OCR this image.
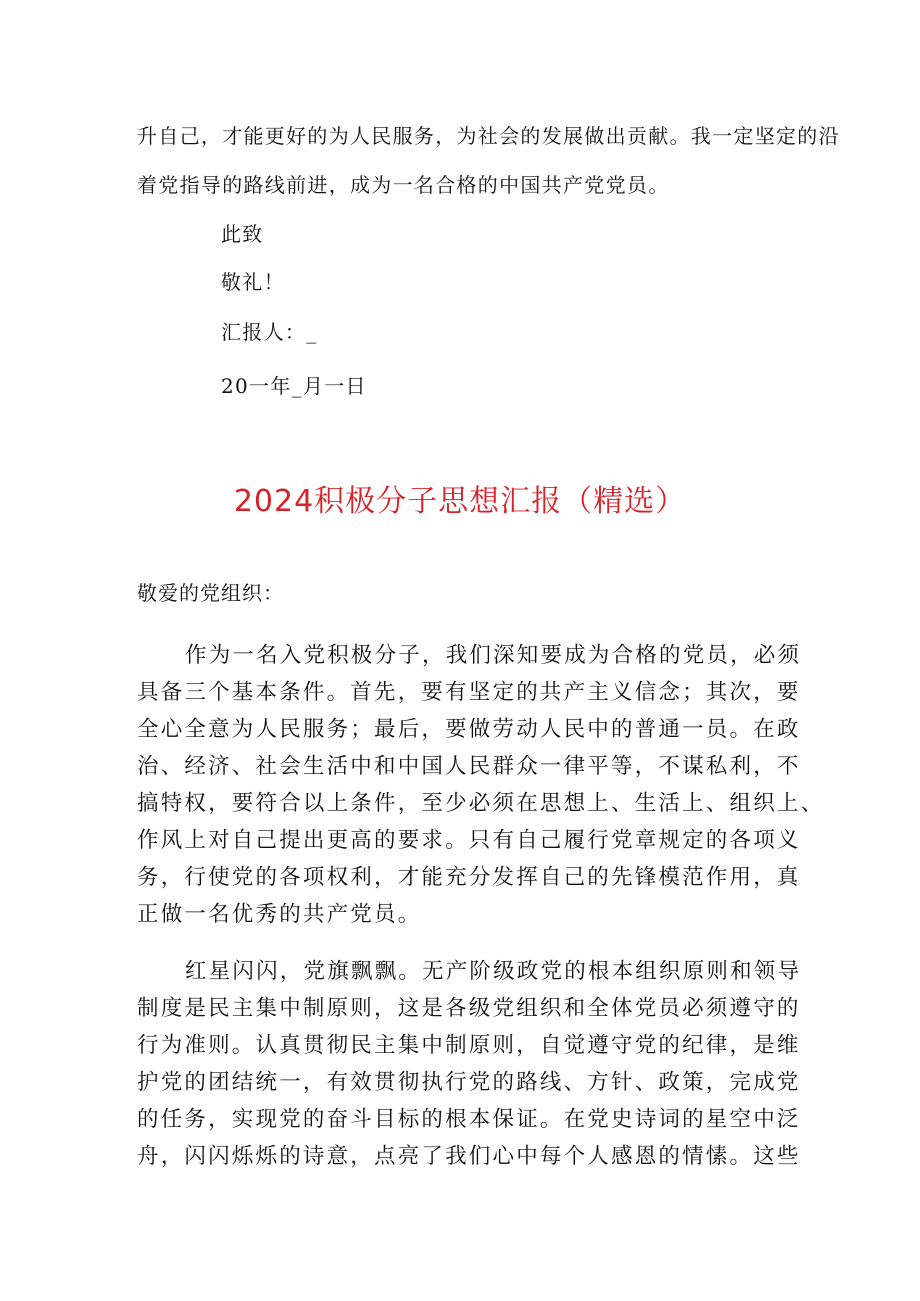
升自己，才能更好的为人民服务，为社会的发展做出贡献。我一定坚定的沿
着党指导的路线前进，成为一名合格的中国共产党党员。
此致
敬礼！
汇报人：_
20一年_月一日
2024积极分子思想汇报（精选）
敬爱的党组织：
作为一名入党积极分子，我们深知要成为合格的党员，必须
具备三个基本条件。首先，要有坚定的共产主义信念；其次，要
全心全意为人民服务；最后，要做劳动人民中的普通一员。在政
治、经济、社会生活中和中国人民群众一律平等，不谋私利，不
搞特权，要符合以上条件，至少必须在思想上、生活上、组织上、
作风上对自己提出更高的要求。只有自己履行党章规定的各项义
务，行使党的各项权利，才能充分发挥自己的先锋模范作用，真
正做一名优秀的共产党员。
红星闪闪，党旗飘飘。无产阶级政党的根本组织原则和领导
制度是民主集中制原则，这是各级党组织和全体党员必须遵守的
行为准则。认真贯彻民主集中制原则，自觉遵守党的纪律，是维
护党的团结统一，有效贯彻执行党的路线、方针、政策，完成党
的任务，实现党的奋斗目标的根本保证。在党史诗词的星空中泛
舟，闪闪烁烁的诗意，点亮了我们心中每个人感恩的情愫。这些
